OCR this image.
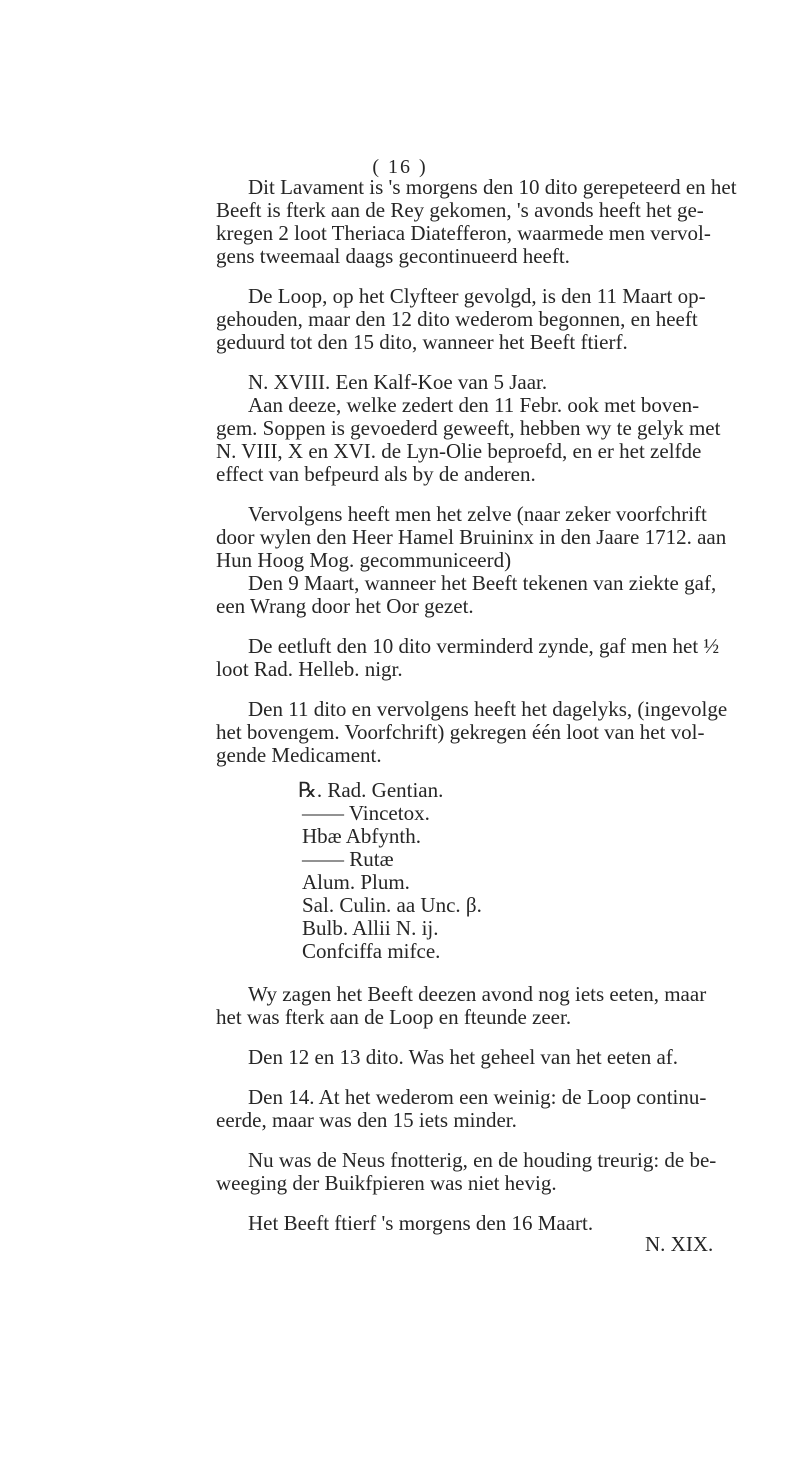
( 16 )

Dit Lavament is 's morgens den 10 dito gerepeteerd en het
Beeft is fterk aan de Rey gekomen, 's avonds heeft het ge-
kregen 2 loot Theriaca Diatefferon, waarmede men vervol-
gens tweemaal daags gecontinueerd heeft.

De Loop, op het Clyfteer gevolgd, is den 11 Maart op-
gehouden, maar den 12 dito wederom begonnen, en heeft
geduurd tot den 15 dito, wanneer het Beeft ftierf.

N. XVIII. Een Kalf-Koe van 5 Jaar.
Aan deeze, welke zedert den 11 Febr. ook met boven-
gem. Soppen is gevoederd geweeft, hebben wy te gelyk met
N. VIII, X en XVI. de Lyn-Olie beproefd, en er het zelfde
effect van befpeurd als by de anderen.

Vervolgens heeft men het zelve (naar zeker voorfchrift
door wylen den Heer Hamel Bruininx in den Jaare 1712. aan
Hun Hoog Mog. gecommuniceerd)
Den 9 Maart, wanneer het Beeft tekenen van ziekte gaf,
een Wrang door het Oor gezet.

De eetluft den 10 dito verminderd zynde, gaf men het ½
loot Rad. Helleb. nigr.

Den 11 dito en vervolgens heeft het dagelyks, (ingevolge
het bovengem. Voorfchrift) gekregen één loot van het vol-
gende Medicament.

℞. Rad. Gentian.
—— Vincetox.
Hbæ Abfynth.
—— Rutæ
Alum. Plum.
Sal. Culin. aa Unc. β.
Bulb. Allii N. ij.
Confciffa mifce.

Wy zagen het Beeft deezen avond nog iets eeten, maar
het was fterk aan de Loop en fteunde zeer.

Den 12 en 13 dito. Was het geheel van het eeten af.

Den 14. At het wederom een weinig: de Loop continu-
eerde, maar was den 15 iets minder.

Nu was de Neus fnotterig, en de houding treurig: de be-
weeging der Buikfpieren was niet hevig.

Het Beeft ftierf 's morgens den 16 Maart.

N. XIX.
